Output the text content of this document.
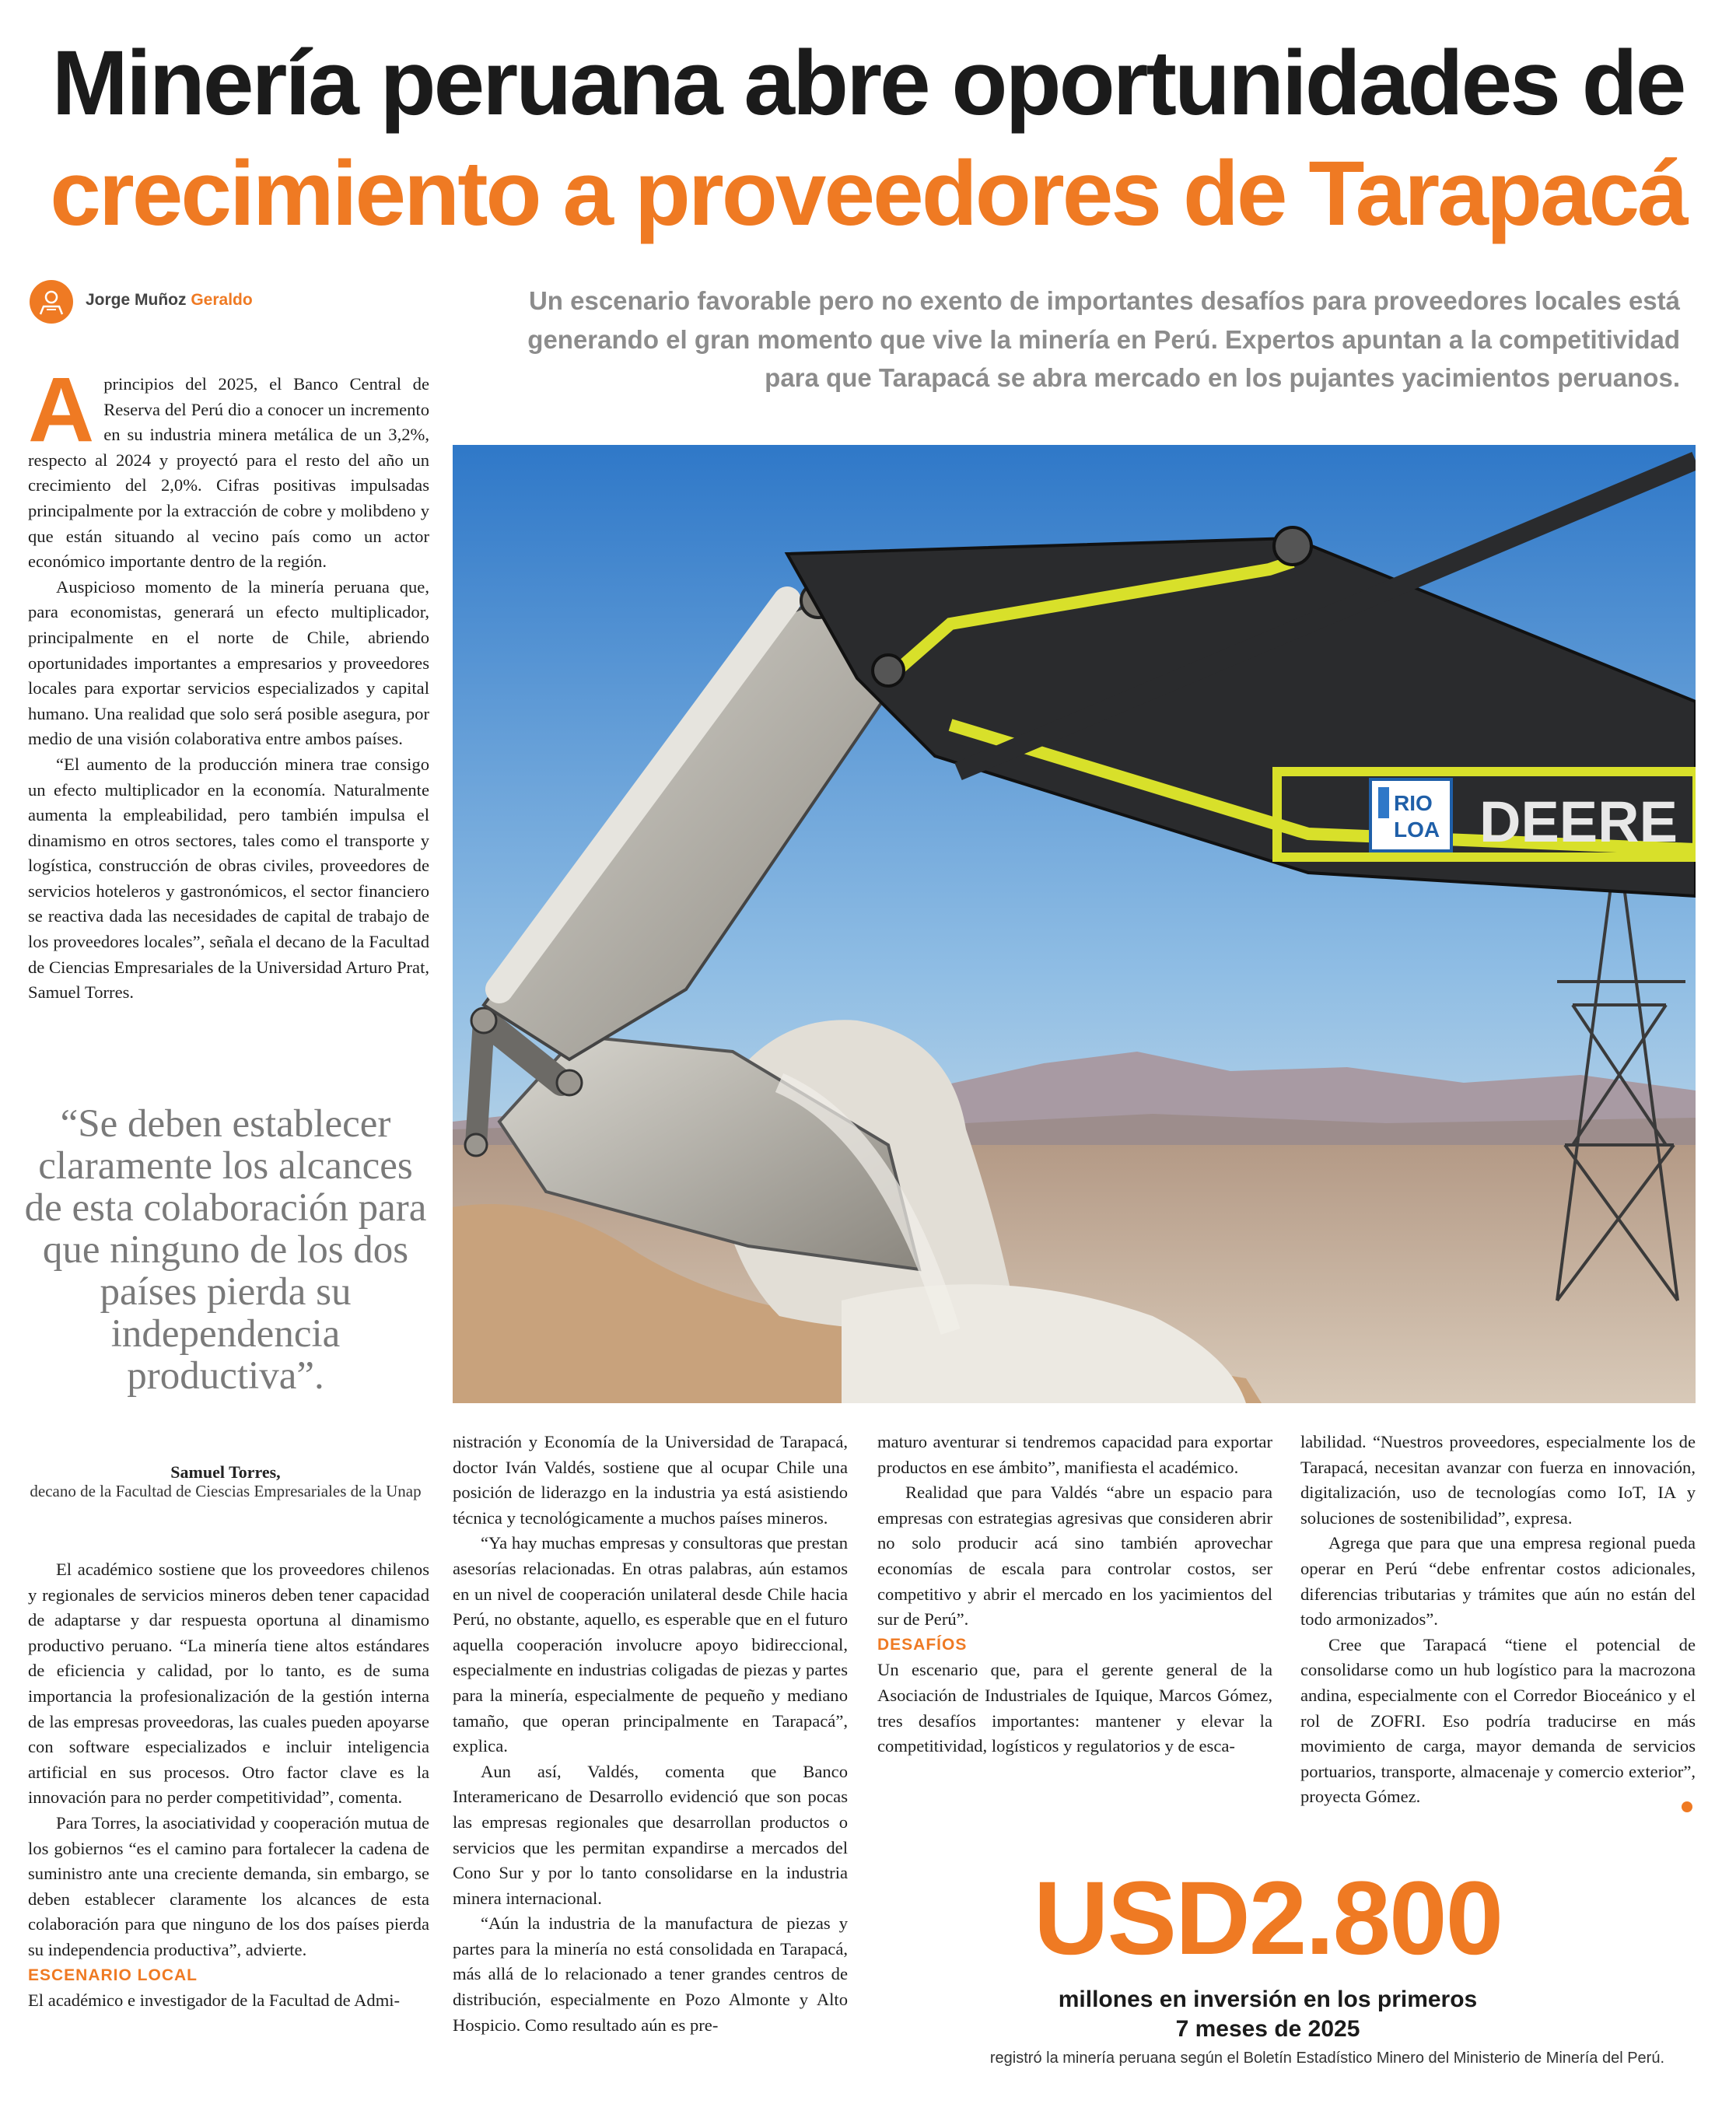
Minería peruana abre oportunidades de
crecimiento a proveedores de Tarapacá
Jorge Muñoz Geraldo	Un escenario favorable pero no exento de importantes desafíos para proveedores locales está generando el gran momento que vive la minería en Perú. Expertos apuntan a la competitividad para que Tarapacá se abra mercado en los pujantes yacimientos peruanos.

A principios del 2025, el Banco Central de Reserva del Perú dio a conocer un incremento en su industria minera metálica de un 3,2%, respecto al 2024 y proyectó para el resto del año un crecimiento del 2,0%. Cifras positivas impulsadas principalmente por la extracción de cobre y molibdeno y que están situando al vecino país como un actor económico importante dentro de la región.

Auspicioso momento de la minería peruana que, para economistas, generará un efecto multiplicador, principalmente en el norte de Chile, abriendo oportunidades importantes a empresarios y proveedores locales para exportar servicios especializados y capital humano. Una realidad que solo será posible asegura, por medio de una visión colaborativa entre ambos países.

“El aumento de la producción minera trae consigo un efecto multiplicador en la economía. Naturalmente aumenta la empleabilidad, pero también impulsa el dinamismo en otros sectores, tales como el transporte y logística, construcción de obras civiles, proveedores de servicios hoteleros y gastronómicos, el sector financiero se reactiva dada las necesidades de capital de trabajo de los proveedores locales”, señala el decano de la Facultad de Ciencias Empresariales de la Universidad Arturo Prat, Samuel Torres.

RIO
LOA DEERE
“Se deben establecer claramente los alcances de esta colaboración para que ninguno de los dos países pierda su independencia productiva”.
Samuel Torres,
decano de la Facultad de Ciescias Empresariales de la Unap

El académico sostiene que los proveedores chilenos y regionales de servicios mineros deben tener capacidad de adaptarse y dar respuesta oportuna al dinamismo productivo peruano. “La minería tiene altos estándares de eficiencia y calidad, por lo tanto, es de suma importancia la profesionalización de la gestión interna de las empresas proveedoras, las cuales pueden apoyarse con software especializados e incluir inteligencia artificial en sus procesos. Otro factor clave es la innovación para no perder competitividad”, comenta.

Para Torres, la asociatividad y cooperación mutua de los gobiernos “es el camino para fortalecer la cadena de suministro ante una creciente demanda, sin embargo, se deben establecer claramente los alcances de esta colaboración para que ninguno de los dos países pierda su independencia productiva”, advierte.

ESCENARIO LOCAL

El académico e investigador de la Facultad de Admi-

nistración y Economía de la Universidad de Tarapacá, doctor Iván Valdés, sostiene que al ocupar Chile una posición de liderazgo en la industria ya está asistiendo técnica y tecnológicamente a muchos países mineros.

“Ya hay muchas empresas y consultoras que prestan asesorías relacionadas. En otras palabras, aún estamos en un nivel de cooperación unilateral desde Chile hacia Perú, no obstante, aquello, es esperable que en el futuro aquella cooperación involucre apoyo bidireccional, especialmente en industrias coligadas de piezas y partes para la minería, especialmente de pequeño y mediano tamaño, que operan principalmente en Tarapacá”, explica.

Aun así, Valdés, comenta que Banco Interamericano de Desarrollo evidenció que son pocas las empresas regionales que desarrollan productos o servicios que les permitan expandirse a mercados del Cono Sur y por lo tanto consolidarse en la industria minera internacional.

“Aún la industria de la manufactura de piezas y partes para la minería no está consolidada en Tarapacá, más allá de lo relacionado a tener grandes centros de distribución, especialmente en Pozo Almonte y Alto Hospicio. Como resultado aún es pre-

maturo aventurar si tendremos capacidad para exportar productos en ese ámbito”, manifiesta el académico.

Realidad que para Valdés “abre un espacio para empresas con estrategias agresivas que consideren abrir no solo producir acá sino también aprovechar economías de escala para controlar costos, ser competitivo y abrir el mercado en los yacimientos del sur de Perú”.

DESAFÍOS

Un escenario que, para el gerente general de la Asociación de Industriales de Iquique, Marcos Gómez, tres desafíos importantes: mantener y elevar la competitividad, logísticos y regulatorios y de esca-

labilidad. “Nuestros proveedores, especialmente los de Tarapacá, necesitan avanzar con fuerza en innovación, digitalización, uso de tecnologías como IoT, IA y soluciones de sostenibilidad”, expresa.

Agrega que para que una empresa regional pueda operar en Perú “debe enfrentar costos adicionales, diferencias tributarias y trámites que aún no están del todo armonizados”.

Cree que Tarapacá “tiene el potencial de consolidarse como un hub logístico para la macrozona andina, especialmente con el Corredor Bioceánico y el rol de ZOFRI. Eso podría traducirse en más movimiento de carga, mayor demanda de servicios portuarios, transporte, almacenaje y comercio exterior”, proyecta Gómez.

USD2.800
millones en inversión en los primeros
7 meses de 2025
registró la minería peruana según el Boletín Estadístico Minero del Ministerio de Minería del Perú.
